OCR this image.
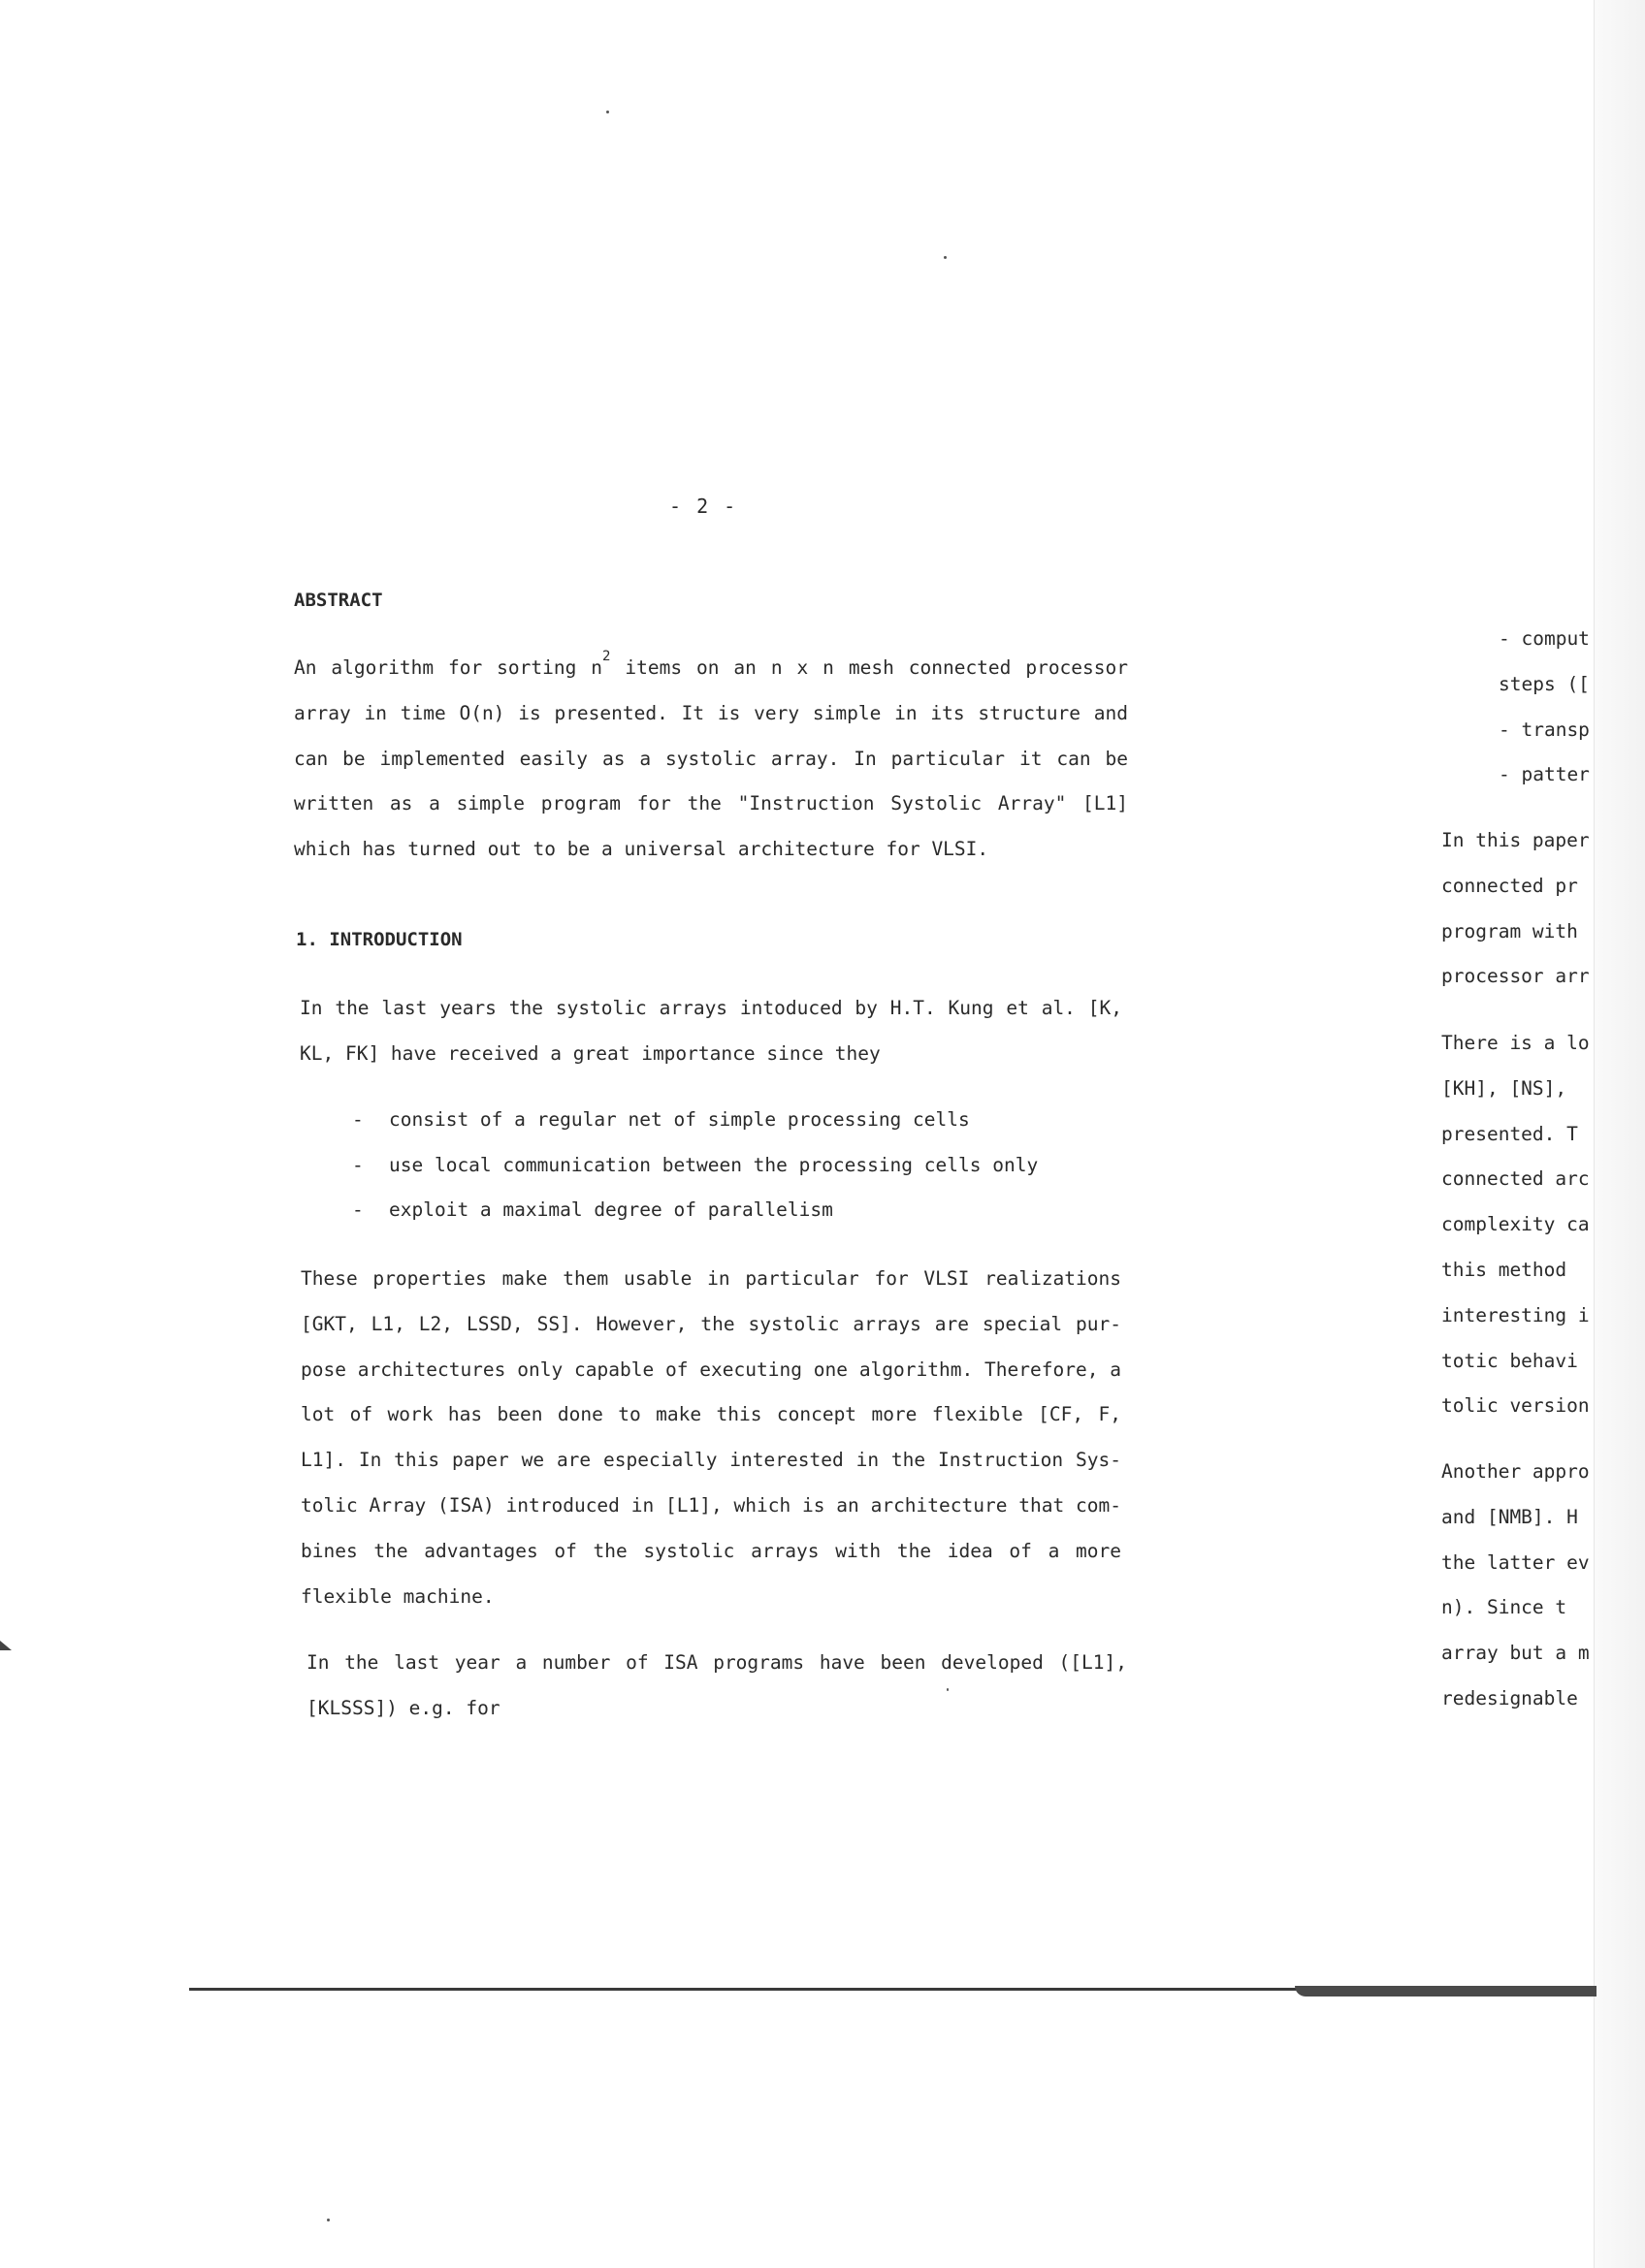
- 2 -
ABSTRACT
An algorithm for sorting $n^2$ items on an n x n mesh connected processor array in time O(n) is presented. It is very simple in its structure and can be implemented easily as a systolic array. In particular it can be written as a simple program for the "Instruction Systolic Array" [L1] which has turned out to be a universal architecture for VLSI.
1. INTRODUCTION
In the last years the systolic arrays intoduced by H.T. Kung et al. [K, KL, FK] have received a great importance since they
- consist of a regular net of simple processing cells
- use local communication between the processing cells only
- exploit a maximal degree of parallelism
These properties make them usable in particular for VLSI realizations [GKT, L1, L2, LSSD, SS]. However, the systolic arrays are special pur- pose architectures only capable of executing one algorithm. Therefore, a lot of work has been done to make this concept more flexible [CF, F, L1]. In this paper we are especially interested in the Instruction Sys- tolic Array (ISA) introduced in [L1], which is an architecture that com- bines the advantages of the systolic arrays with the idea of a more flexible machine.
In the last year a number of ISA programs have been developed ([L1], [KLSSS]) e.g. for
- comput
steps ([
- transp
- patter
In this paper
connected pr
program with
processor arr
There is a lo
[KH], [NS],
presented. T
connected arc
complexity ca
this method
interesting i
totic behavi
tolic version
Another appro
and [NMB]. H
the latter ev
n). Since t
array but a m
redesignable
